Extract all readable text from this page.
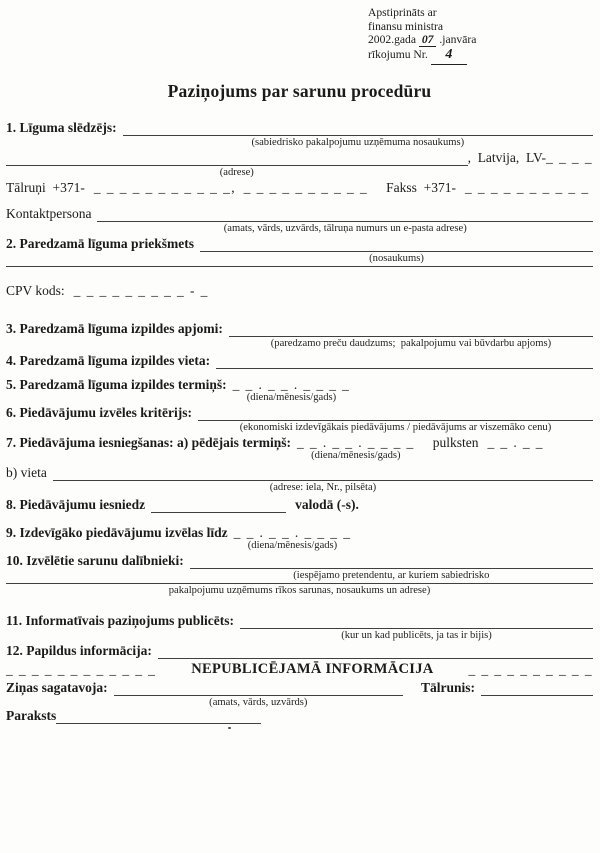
Apstiprināts ar
finansu ministra
2002.gada 07 .janvāra
rīkojumu Nr. 4
Paziņojums par sarunu procedūru
1. Līguma slēdzējs:
(sabiedrisko pakalpojumu uzņēmuma nosaukums)
(adrese)
,  Latvija,  LV- _ _ _ _
Tālruņi  +371- _ _ _ _ _ _ _ _ _ _ _ , _ _ _ _ _ _ _ _ _ _ Fakss  +371- _ _ _ _ _ _ _ _ _ _
Kontaktpersona
(amats, vārds, uzvārds, tālruņa numurs un e-pasta adrese)
2. Paredzamā līguma priekšmets
(nosaukums)
CPV kods: _ _ _ _ _ _ _ _ _ - _
3. Paredzamā līguma izpildes apjomi:
(paredzamo preču daudzums;  pakalpojumu vai būvdarbu apjoms)
4. Paredzamā līguma izpildes vieta:
5. Paredzamā līguma izpildes termiņš: _ _ . _ _ . _ _ _ _
(diena/mēnesis/gads)
6. Piedāvājumu izvēles kritērijs:
(ekonomiski izdevīgākais piedāvājums / piedāvājums ar viszemāko cenu)
7. Piedāvājuma iesniegšanas: a) pēdējais termiņš: _ _ . _ _ . _ _ _ _
(diena/mēnesis/gads)
pulksten _ _ . _ _
b) vieta
(adrese: iela, Nr., pilsēta)
8. Piedāvājumu iesniedz	valodā (-s).
9. Izdevīgāko piedāvājumu izvēlas līdz _ _ . _ _ . _ _ _ _
(diena/mēnesis/gads)
10. Izvēlētie sarunu dalībnieki:
(iespējamo pretendentu, ar kuriem sabiedrisko
pakalpojumu uzņēmums rīkos sarunas, nosaukums un adrese)
11. Informatīvais paziņojums publicēts:
(kur un kad publicēts, ja tas ir bijis)
12. Papildus informācija:
_ _ _ _ _ _ _ _ _ _ _ _ NEPUBLICĒJAMĀ INFORMĀCIJA	_ _ _ _ _ _ _ _ _ _
Ziņas sagatavoja:
(amats, vārds, uzvārds)
Tālrunis:
Paraksts
